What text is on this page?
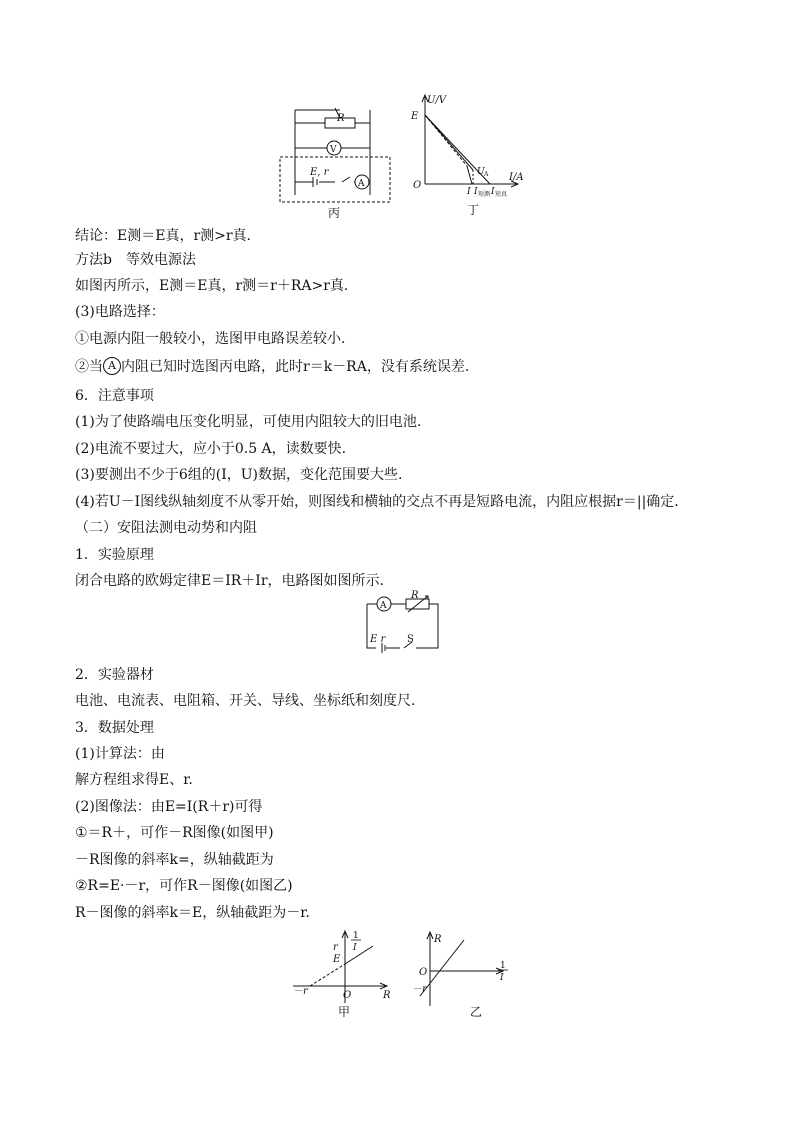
R
V
E, r
A
丙
U/V
I/A
E
O
U A
I I 短测 I 短真
丁
结论：E测＝E真，r测>r真.
方法b　等效电源法
如图丙所示，E测＝E真，r测＝r＋RA>r真.
(3)电路选择：
①电源内阻一般较小，选图甲电路误差较小.
②当 A 内阻已知时选图丙电路，此时r＝k－RA，没有系统误差.
6．注意事项
(1)为了使路端电压变化明显，可使用内阻较大的旧电池.
(2)电流不要过大，应小于0.5 A，读数要快.
(3)要测出不少于6组的(I，U)数据，变化范围要大些.
(4)若U－I图线纵轴刻度不从零开始，则图线和横轴的交点不再是短路电流，内阻应根据r＝||确定．
（二）安阻法测电动势和内阻
1．实验原理
闭合电路的欧姆定律E＝IR＋Ir，电路图如图所示.
A
R
E r S
2．实验器材
电池、电流表、电阻箱、开关、导线、坐标纸和刻度尺.
3．数据处理
(1)计算法：由
解方程组求得E、r.
(2)图像法：由E=I(R＋r)可得
①＝R＋，可作－R图像(如图甲)
－R图像的斜率k=，纵轴截距为
②R=E·－r，可作R－图像(如图乙)
R－图像的斜率k＝E，纵轴截距为－r.
1
I
r
E
－r	O	R
甲
R
O
－r
1
I
乙
